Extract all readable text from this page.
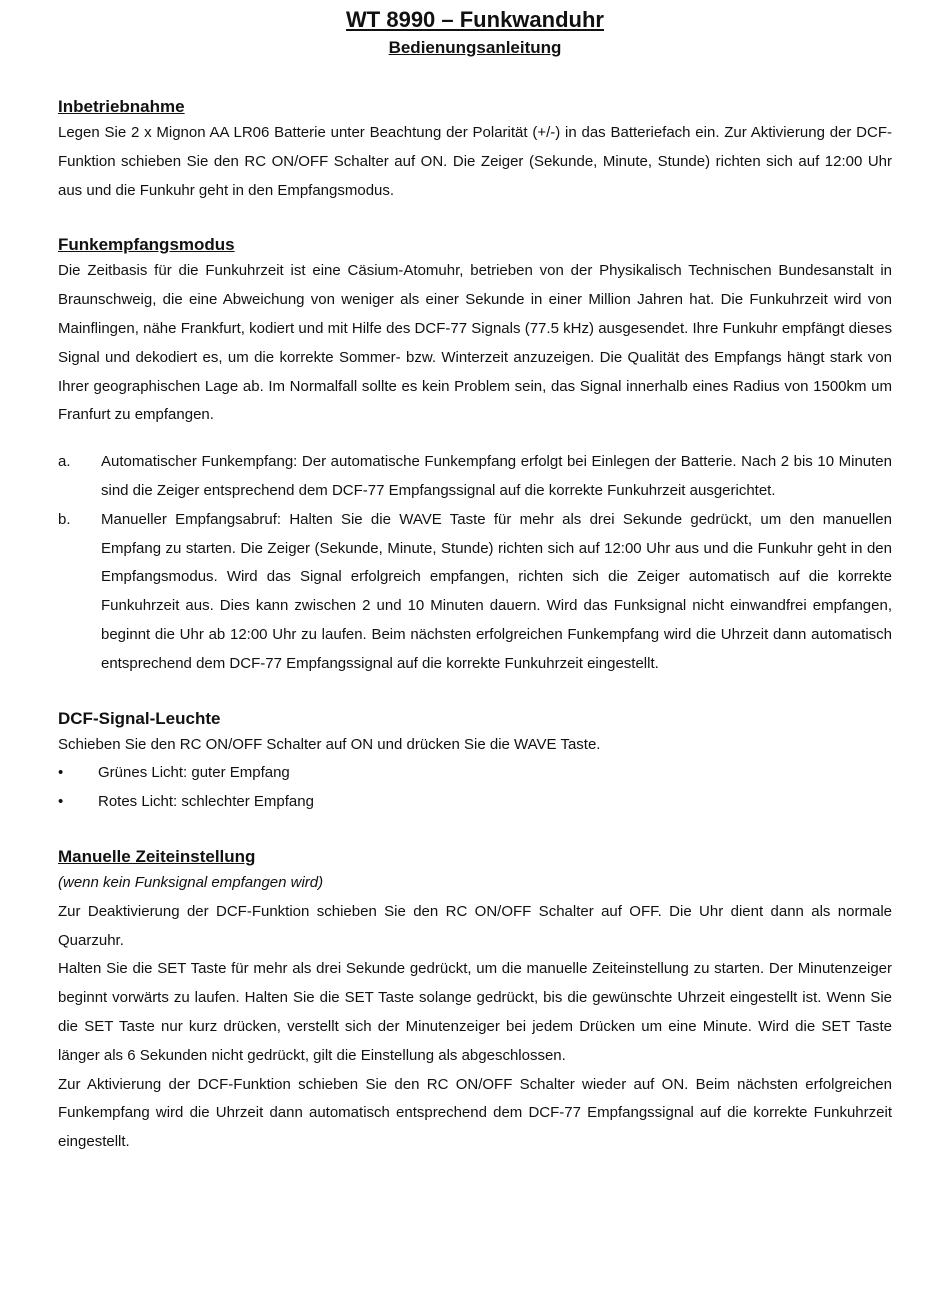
WT 8990 – Funkwanduhr
Bedienungsanleitung
Inbetriebnahme

Legen Sie 2 x Mignon AA LR06 Batterie unter Beachtung der Polarität (+/-) in das Batteriefach ein. Zur Aktivierung der DCF-Funktion schieben Sie den RC ON/OFF Schalter auf ON. Die Zeiger (Sekunde, Minute, Stunde) richten sich auf 12:00 Uhr aus und die Funkuhr geht in den Empfangsmodus.

Funkempfangsmodus

Die Zeitbasis für die Funkuhrzeit ist eine Cäsium-Atomuhr, betrieben von der Physikalisch Technischen Bundesanstalt in Braunschweig, die eine Abweichung von weniger als einer Sekunde in einer Million Jahren hat. Die Funkuhrzeit wird von Mainflingen, nähe Frankfurt, kodiert und mit Hilfe des DCF-77 Signals (77.5 kHz) ausgesendet. Ihre Funkuhr empfängt dieses Signal und dekodiert es, um die korrekte Sommer- bzw. Winterzeit anzuzeigen. Die Qualität des Empfangs hängt stark von Ihrer geographischen Lage ab. Im Normalfall sollte es kein Problem sein, das Signal innerhalb eines Radius von 1500km um Franfurt zu empfangen.

a.	Automatischer Funkempfang: Der automatische Funkempfang erfolgt bei Einlegen der Batterie. Nach 2 bis 10 Minuten sind die Zeiger entsprechend dem DCF-77 Empfangssignal auf die korrekte Funkuhrzeit ausgerichtet.
b.	Manueller Empfangsabruf: Halten Sie die WAVE Taste für mehr als drei Sekunde gedrückt, um den manuellen Empfang zu starten. Die Zeiger (Sekunde, Minute, Stunde) richten sich auf 12:00 Uhr aus und die Funkuhr geht in den Empfangsmodus. Wird das Signal erfolgreich empfangen, richten sich die Zeiger automatisch auf die korrekte Funkuhrzeit aus. Dies kann zwischen 2 und 10 Minuten dauern. Wird das Funksignal nicht einwandfrei empfangen, beginnt die Uhr ab 12:00 Uhr zu laufen. Beim nächsten erfolgreichen Funkempfang wird die Uhrzeit dann automatisch entsprechend dem DCF-77 Empfangssignal auf die korrekte Funkuhrzeit eingestellt.
DCF-Signal-Leuchte

Schieben Sie den RC ON/OFF Schalter auf ON und drücken Sie die WAVE Taste.

•	Grünes Licht: guter Empfang
•	Rotes Licht: schlechter Empfang
Manuelle Zeiteinstellung

(wenn kein Funksignal empfangen wird)

Zur Deaktivierung der DCF-Funktion schieben Sie den RC ON/OFF Schalter auf OFF. Die Uhr dient dann als normale Quarzuhr.

Halten Sie die SET Taste für mehr als drei Sekunde gedrückt, um die manuelle Zeiteinstellung zu starten. Der Minutenzeiger beginnt vorwärts zu laufen. Halten Sie die SET Taste solange gedrückt, bis die gewünschte Uhrzeit eingestellt ist. Wenn Sie die SET Taste nur kurz drücken, verstellt sich der Minutenzeiger bei jedem Drücken um eine Minute. Wird die SET Taste länger als 6 Sekunden nicht gedrückt, gilt die Einstellung als abgeschlossen.

Zur Aktivierung der DCF-Funktion schieben Sie den RC ON/OFF Schalter wieder auf ON. Beim nächsten erfolgreichen Funkempfang wird die Uhrzeit dann automatisch entsprechend dem DCF-77 Empfangssignal auf die korrekte Funkuhrzeit eingestellt.
